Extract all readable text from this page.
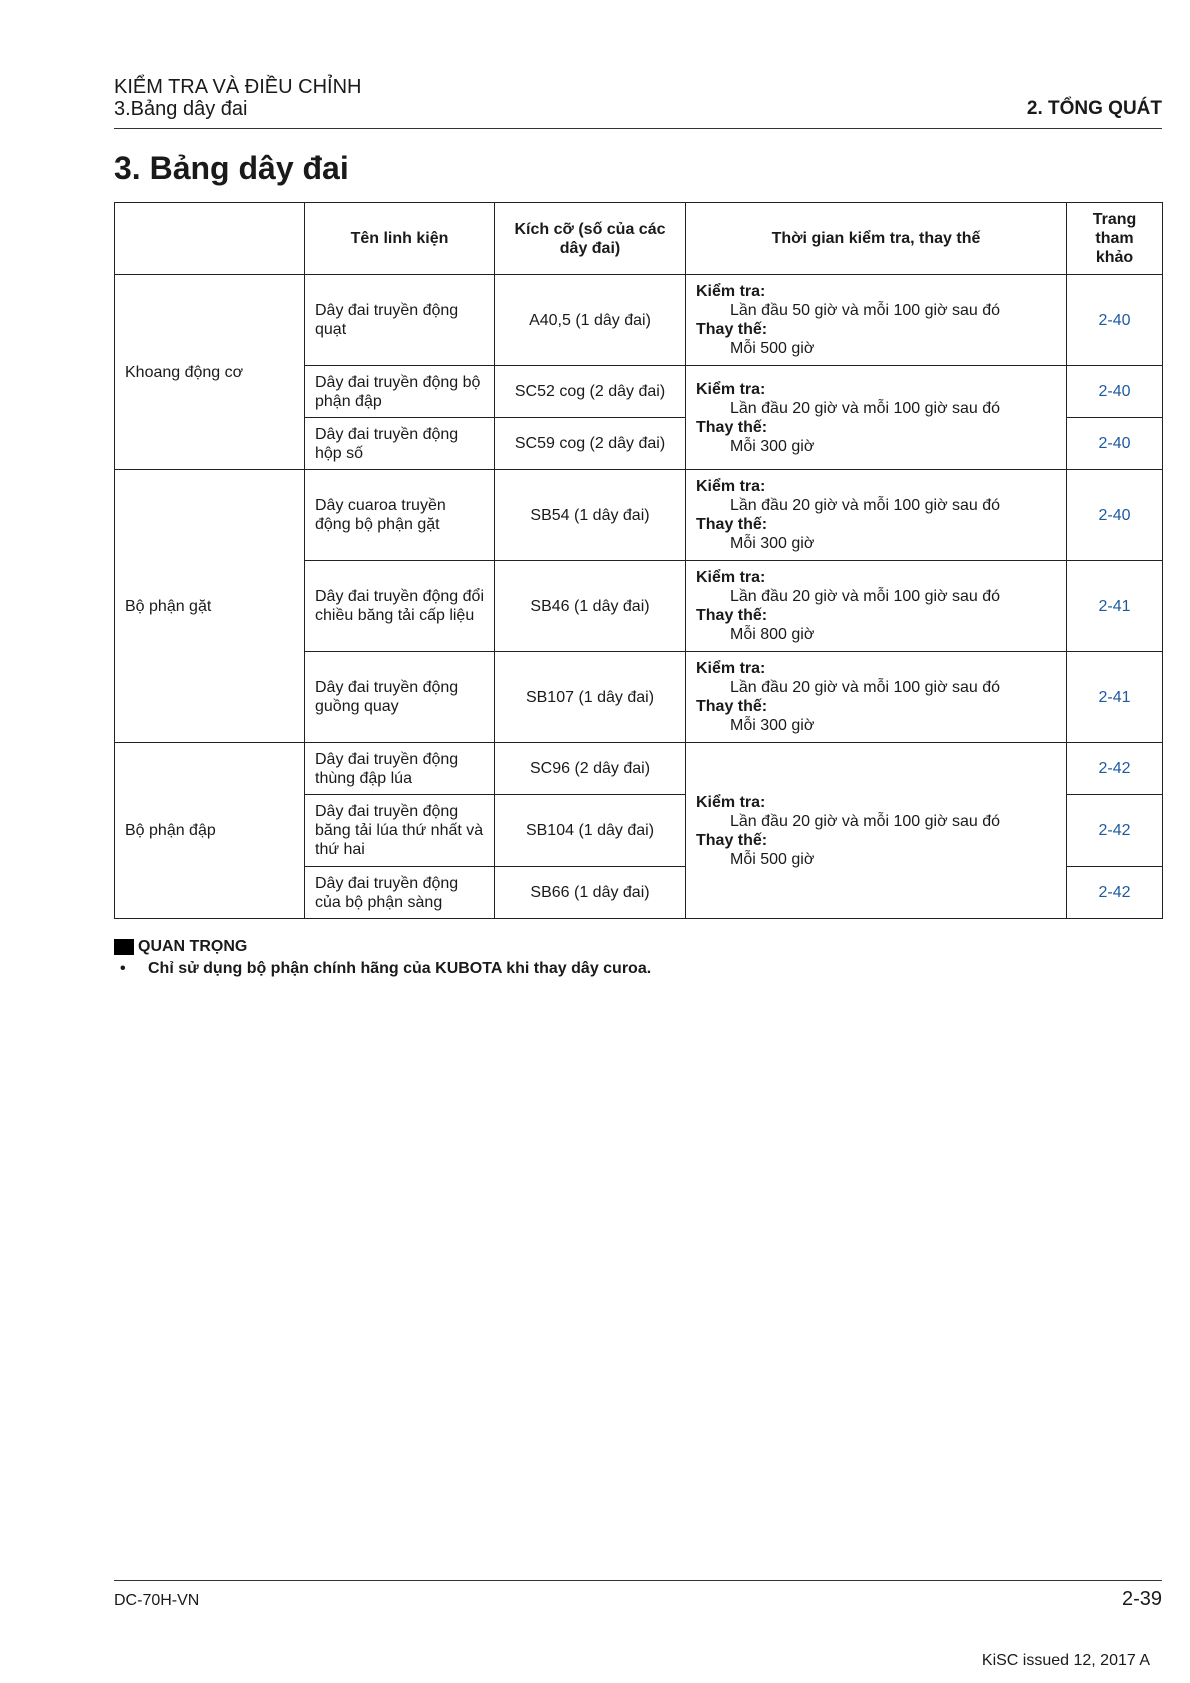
KIỂM TRA VÀ ĐIỀU CHỈNH
3.Bảng dây đai	2. TỔNG QUÁT
3. Bảng dây đai
	Tên linh kiện	Kích cỡ (số của các dây đai)	Thời gian kiểm tra, thay thế	Trang tham khảo
Khoang động cơ	Dây đai truyền động quạt	A40,5 (1 dây đai)	Kiểm tra:
Lần đầu 50 giờ và mỗi 100 giờ sau đó
Thay thế:
Mỗi 500 giờ	2-40
	Dây đai truyền động bộ phận đập	SC52 cog (2 dây đai)	Kiểm tra:
Lần đầu 20 giờ và mỗi 100 giờ sau đó
Thay thế:
Mỗi 300 giờ	2-40
	Dây đai truyền động hộp số	SC59 cog (2 dây đai)		2-40
Bộ phận gặt	Dây cuaroa truyền động bộ phận gặt	SB54 (1 dây đai)	Kiểm tra:
Lần đầu 20 giờ và mỗi 100 giờ sau đó
Thay thế:
Mỗi 300 giờ	2-40
	Dây đai truyền động đổi chiều băng tải cấp liệu	SB46 (1 dây đai)	Kiểm tra:
Lần đầu 20 giờ và mỗi 100 giờ sau đó
Thay thế:
Mỗi 800 giờ	2-41
	Dây đai truyền động guồng quay	SB107 (1 dây đai)	Kiểm tra:
Lần đầu 20 giờ và mỗi 100 giờ sau đó
Thay thế:
Mỗi 300 giờ	2-41
Bộ phận đập	Dây đai truyền động thùng đập lúa	SC96 (2 dây đai)	Kiểm tra:
Lần đầu 20 giờ và mỗi 100 giờ sau đó
Thay thế:
Mỗi 500 giờ	2-42
	Dây đai truyền động băng tải lúa thứ nhất và thứ hai	SB104 (1 dây đai)		2-42
	Dây đai truyền động của bộ phận sàng	SB66 (1 dây đai)		2-42
QUAN TRỌNG
•	Chỉ sử dụng bộ phận chính hãng của KUBOTA khi thay dây curoa.
DC-70H-VN	2-39
KiSC issued 12, 2017 A
